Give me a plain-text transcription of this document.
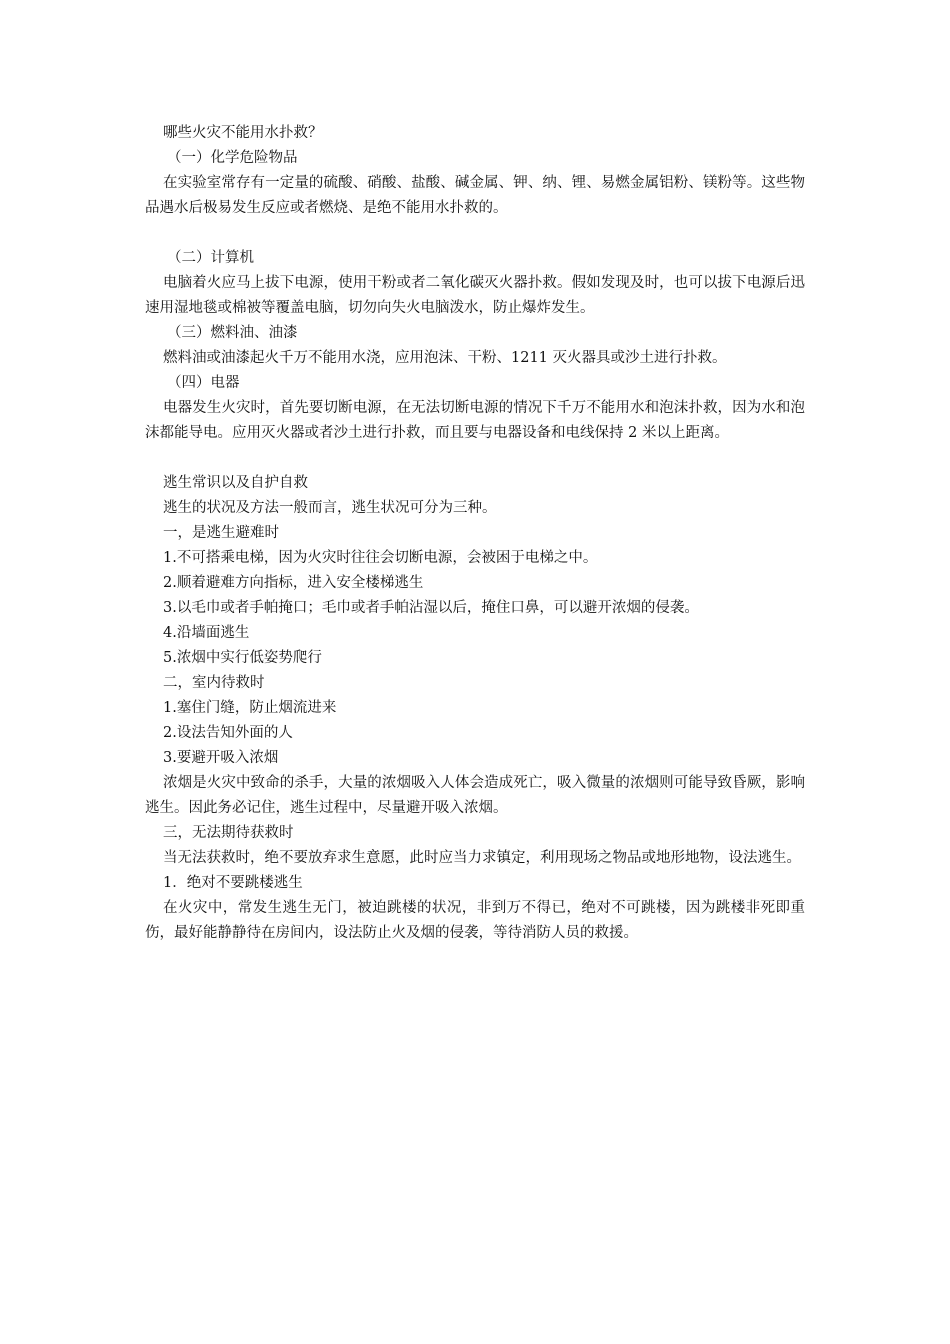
哪些火灾不能用水扑救？
（一）化学危险物品
在实验室常存有一定量的硫酸、硝酸、盐酸、碱金属、钾、纳、锂、易燃金属铝粉、镁粉等。这些物品遇水后极易发生反应或者燃烧、是绝不能用水扑救的。
（二）计算机
电脑着火应马上拔下电源，使用干粉或者二氧化碳灭火器扑救。假如发现及时，也可以拔下电源后迅速用湿地毯或棉被等覆盖电脑，切勿向失火电脑泼水，防止爆炸发生。
（三）燃料油、油漆
燃料油或油漆起火千万不能用水浇，应用泡沫、干粉、1211 灭火器具或沙土进行扑救。
（四）电器
电器发生火灾时，首先要切断电源，在无法切断电源的情况下千万不能用水和泡沫扑救，因为水和泡沫都能导电。应用灭火器或者沙土进行扑救，而且要与电器设备和电线保持 2 米以上距离。
逃生常识以及自护自救
逃生的状况及方法一般而言，逃生状况可分为三种。
一，是逃生避难时
1.不可搭乘电梯，因为火灾时往往会切断电源，会被困于电梯之中。
2.顺着避难方向指标，进入安全楼梯逃生
3.以毛巾或者手帕掩口；毛巾或者手帕沾湿以后，掩住口鼻，可以避开浓烟的侵袭。
4.沿墙面逃生
5.浓烟中实行低姿势爬行
二，室内待救时
1.塞住门缝，防止烟流进来
2.设法告知外面的人
3.要避开吸入浓烟
浓烟是火灾中致命的杀手，大量的浓烟吸入人体会造成死亡，吸入微量的浓烟则可能导致昏厥，影响逃生。因此务必记住，逃生过程中，尽量避开吸入浓烟。
三，无法期待获救时
当无法获救时，绝不要放弃求生意愿，此时应当力求镇定，利用现场之物品或地形地物，设法逃生。
1．绝对不要跳楼逃生
在火灾中，常发生逃生无门，被迫跳楼的状况，非到万不得已，绝对不可跳楼，因为跳楼非死即重伤，最好能静静待在房间内，设法防止火及烟的侵袭，等待消防人员的救援。
